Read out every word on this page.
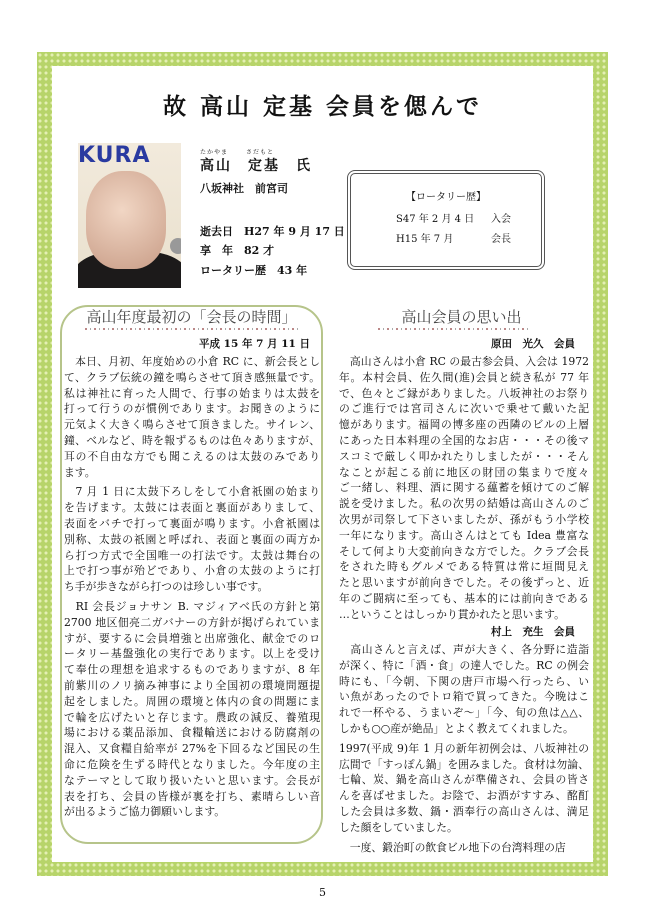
故 高山 定基 会員を偲んで
KURA	たかやま	さだもと
高山　定基　氏
八坂神社　前宮司
逝去日　H27 年 9 月 17 日
享　年　82 才
ロータリー歴　43 年
【ロータリー歴】
S47 年 2 月 4 日 入会
H15 年 7 月	会長
高山年度最初の「会長の時間」
平成 15 年 7 月 11 日
　本日、月初、年度始めの小倉 RC に、新会長とし
て、クラブ伝統の鐘を鳴らさせて頂き感無量です。
私は神社に育った人間で、行事の始まりは太鼓を
打って行うのが慣例であります。お聞きのように
元気よく大きく鳴らさせて頂きました。サイレン、
鐘、ベルなど、時を報ずるものは色々ありますが、
耳の不自由な方でも聞こえるのは太鼓のみであり
ます。
　7 月 1 日に太鼓下ろしをして小倉祇園の始まり
を告げます。太鼓には表面と裏面がありまして、
表面をバチで打って裏面が鳴ります。小倉祇園は
別称、太鼓の祇園と呼ばれ、表面と裏面の両方か
ら打つ方式で全国唯一の打法です。太鼓は舞台の
上で打つ事が殆どであり、小倉の太鼓のように打
ち手が歩きながら打つのは珍しい事です。
　RI 会長ジョナサン B. マジィアベ氏の方針と第
2700 地区佃亮二ガバナーの方針が掲げられていま
すが、要するに会員増強と出席強化、献金でのロ
ータリー基盤強化の実行であります。以上を受け
て奉仕の理想を追求するものでありますが、8 年
前紫川のノリ摘み神事により全国初の環境問題提
起をしました。周囲の環境と体内の食の問題にま
で輪を広げたいと存じます。農政の減反、養殖現
場における薬品添加、食糧輸送における防腐剤の
混入、又食糧自給率が 27%を下回るなど国民の生
命に危険を生ずる時代となりました。今年度の主
なテーマとして取り扱いたいと思います。会長が
表を打ち、会員の皆様が裏を打ち、素晴らしい音
が出るようご協力御願いします。
高山会員の思い出
原田　光久　会員
　高山さんは小倉 RC の最古参会員、入会は 1972
年。本村会員、佐久間(進)会員と続き私が 77 年
で、色々とご縁がありました。八坂神社のお祭り
のご進行では宮司さんに次いで乗せて戴いた記
憶があります。福岡の博多座の西隣のビルの上層
にあった日本料理の全国的なお店・・・その後マ
スコミで厳しく叩かれたりしましたが・・・そん
なことが起こる前に地区の財団の集まりで度々
ご一緒し、料理、酒に関する蘊蓄を傾けてのご解
説を受けました。私の次男の結婚は高山さんのご
次男が司祭して下さいましたが、孫がもう小学校
一年になります。高山さんはとても Idea 豊富な
そして何より大変前向きな方でした。クラブ会長
をされた時もグルメである特質は常に垣間見え
たと思いますが前向きでした。その後ずっと、近
年のご闘病に至っても、基本的には前向きである
…ということはしっかり貫かれたと思います。
村上　充生　会員
　高山さんと言えば、声が大きく、各分野に造詣
が深く、特に「酒・食」の達人でした。RC の例会
時にも、「今朝、下関の唐戸市場へ行ったら、い
い魚があったのでトロ箱で買ってきた。今晩はこ
れで一杯やる、うまいぞ～」「今、旬の魚は△△、
しかも○○産が絶品」とよく教えてくれました。
1997(平成 9)年 1 月の新年初例会は、八坂神社の
広間で「すっぽん鍋」を囲みました。食材は勿論、
七輪、炭、鍋を高山さんが準備され、会員の皆さ
んを喜ばせました。お陰で、お酒がすすみ、酩酊
した会員は多数、鍋・酒奉行の高山さんは、満足
した顔をしていました。
　一度、鍛治町の飲食ビル地下の台湾料理の店
5
